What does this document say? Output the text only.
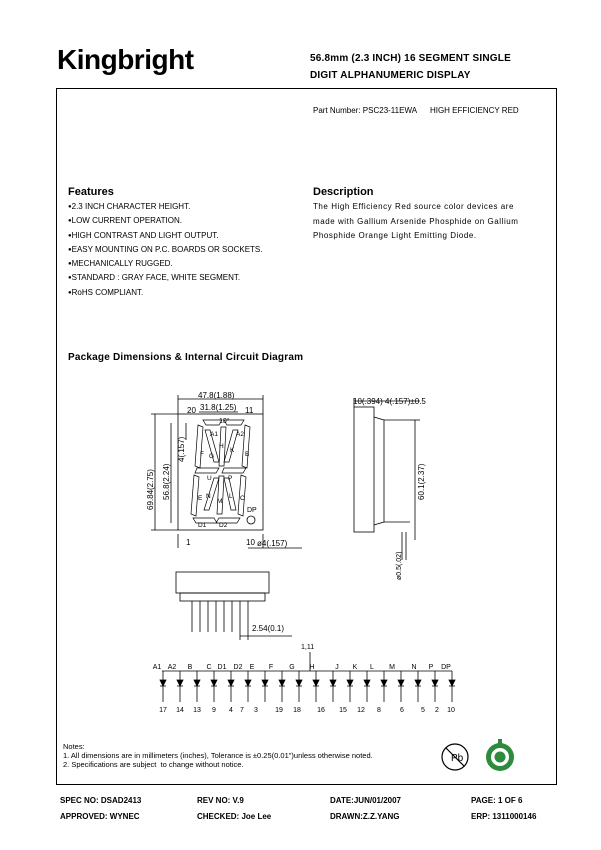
Kingbright	56.8mm (2.3 INCH) 16 SEGMENT SINGLE
DIGIT ALPHANUMERIC DISPLAY
Part Number: PSC23-11EWA HIGH EFFICIENCY RED
Features
● 2.3 INCH CHARACTER HEIGHT.
● LOW CURRENT OPERATION.
● HIGH CONTRAST AND LIGHT OUTPUT.
● EASY MOUNTING ON P.C. BOARDS OR SOCKETS.
● MECHANICALLY RUGGED.
● STANDARD : GRAY FACE, WHITE SEGMENT.
● RoHS COMPLIANT.
Description

The High Efficiency Red source color devices are made with Gallium Arsenide Phosphide on Gallium Phosphide Orange Light Emitting Diode.

Package Dimensions & Internal Circuit Diagram
47.8(1.88)
20 31.8(1.25) 11
10°
ø4(.157)
1	10
DP
10(.394) 4(.157)±0.5
2.54(0.1)
1,11
69.84(2.75) 56.8(2.24)
4(.157)
60.1(2.37)
ø0.5(.02)
A1	A2
F G
H
K
B
U	P
E N
M
L C
D1 D2
A1 A2 B C D1 D2 E F G H	J K L M N P DP
17 14 13 9 4 7 3 19 18 16 15 12 8	6 5 2 10
Pb
Notes:
1. All dimensions are in millimeters (inches), Tolerance is ±0.25(0.01")unless otherwise noted.
2. Specifications are subject  to change without notice.
SPEC NO: DSAD2413	REV NO: V.9	DATE:JUN/01/2007	PAGE: 1 OF 6
APPROVED: WYNEC	CHECKED: Joe Lee	DRAWN:Z.Z.YANG	ERP: 1311000146
